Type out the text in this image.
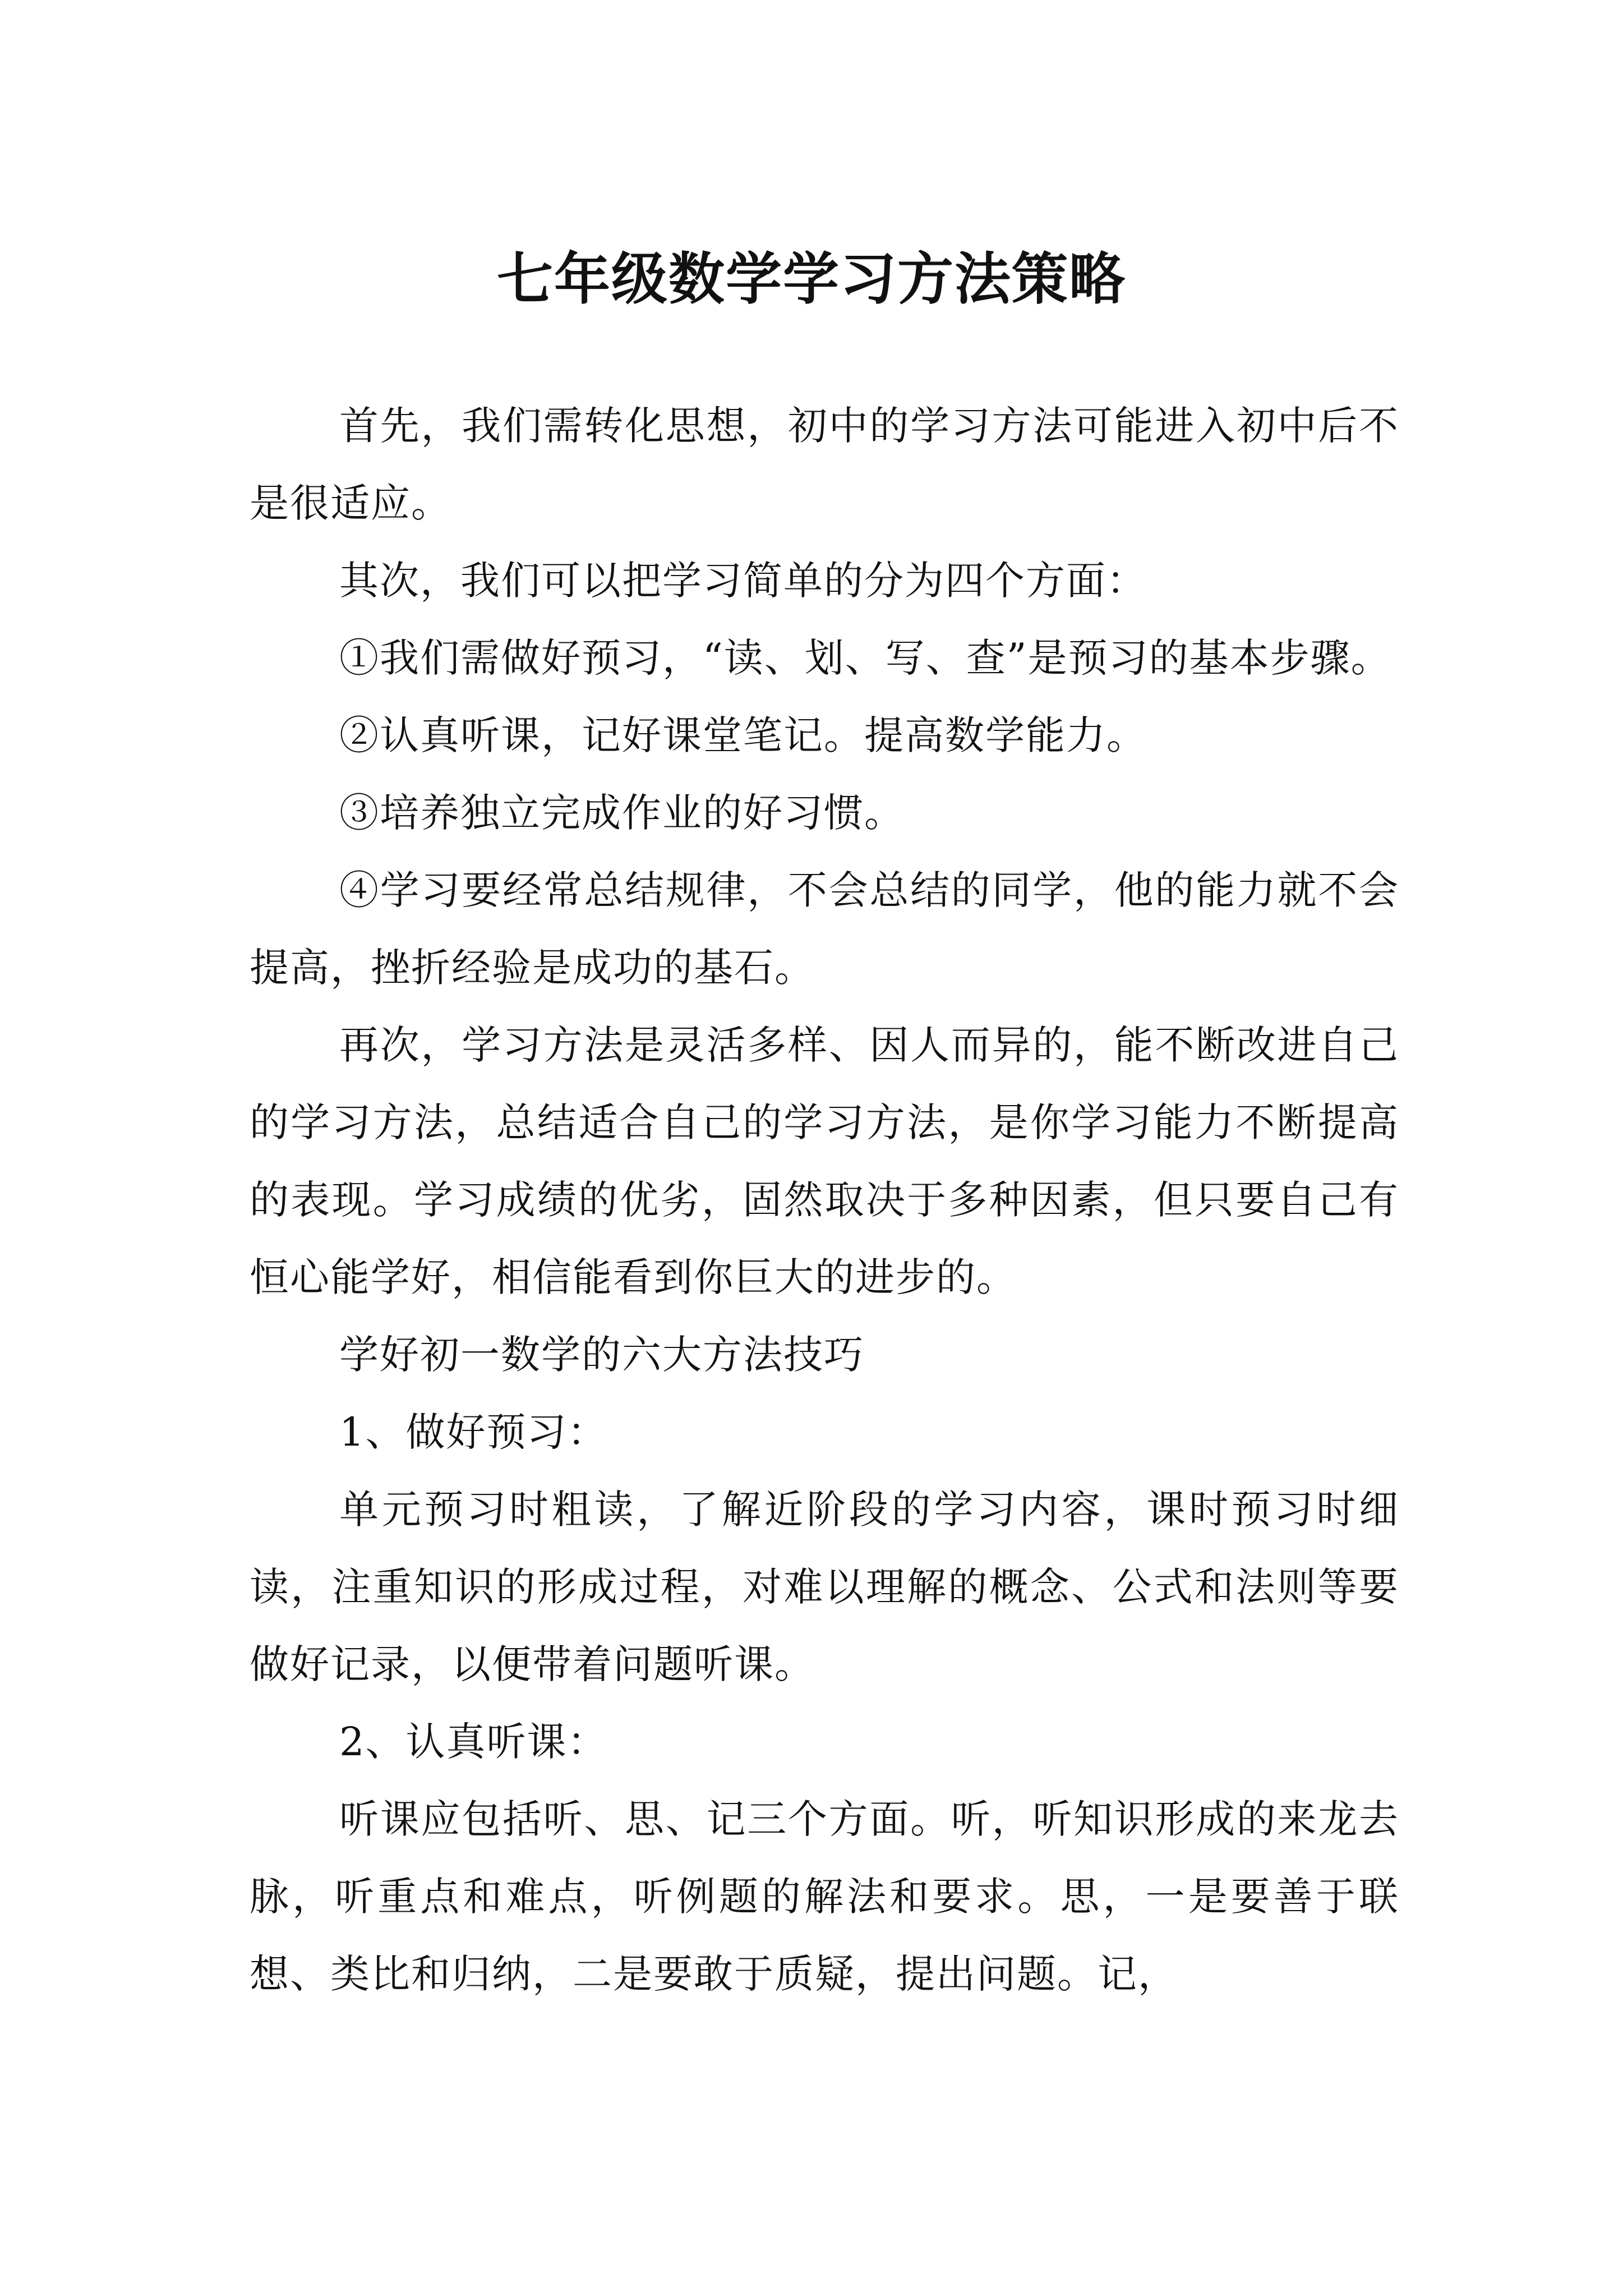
七年级数学学习方法策略

首先，我们需转化思想，初中的学习方法可能进入初中后不是很适应。

其次，我们可以把学习简单的分为四个方面：

①我们需做好预习，“读、划、写、查”是预习的基本步骤。

②认真听课，记好课堂笔记。提高数学能力。

③培养独立完成作业的好习惯。

④学习要经常总结规律，不会总结的同学，他的能力就不会提高，挫折经验是成功的基石。

再次，学习方法是灵活多样、因人而异的，能不断改进自己的学习方法，总结适合自己的学习方法，是你学习能力不断提高的表现。学习成绩的优劣，固然取决于多种因素，但只要自己有恒心能学好，相信能看到你巨大的进步的。

学好初一数学的六大方法技巧

1、做好预习：

单元预习时粗读，了解近阶段的学习内容，课时预习时细读，注重知识的形成过程，对难以理解的概念、公式和法则等要做好记录，以便带着问题听课。

2、认真听课：

听课应包括听、思、记三个方面。听，听知识形成的来龙去脉，听重点和难点，听例题的解法和要求。思，一是要善于联想、类比和归纳，二是要敢于质疑，提出问题。记，
